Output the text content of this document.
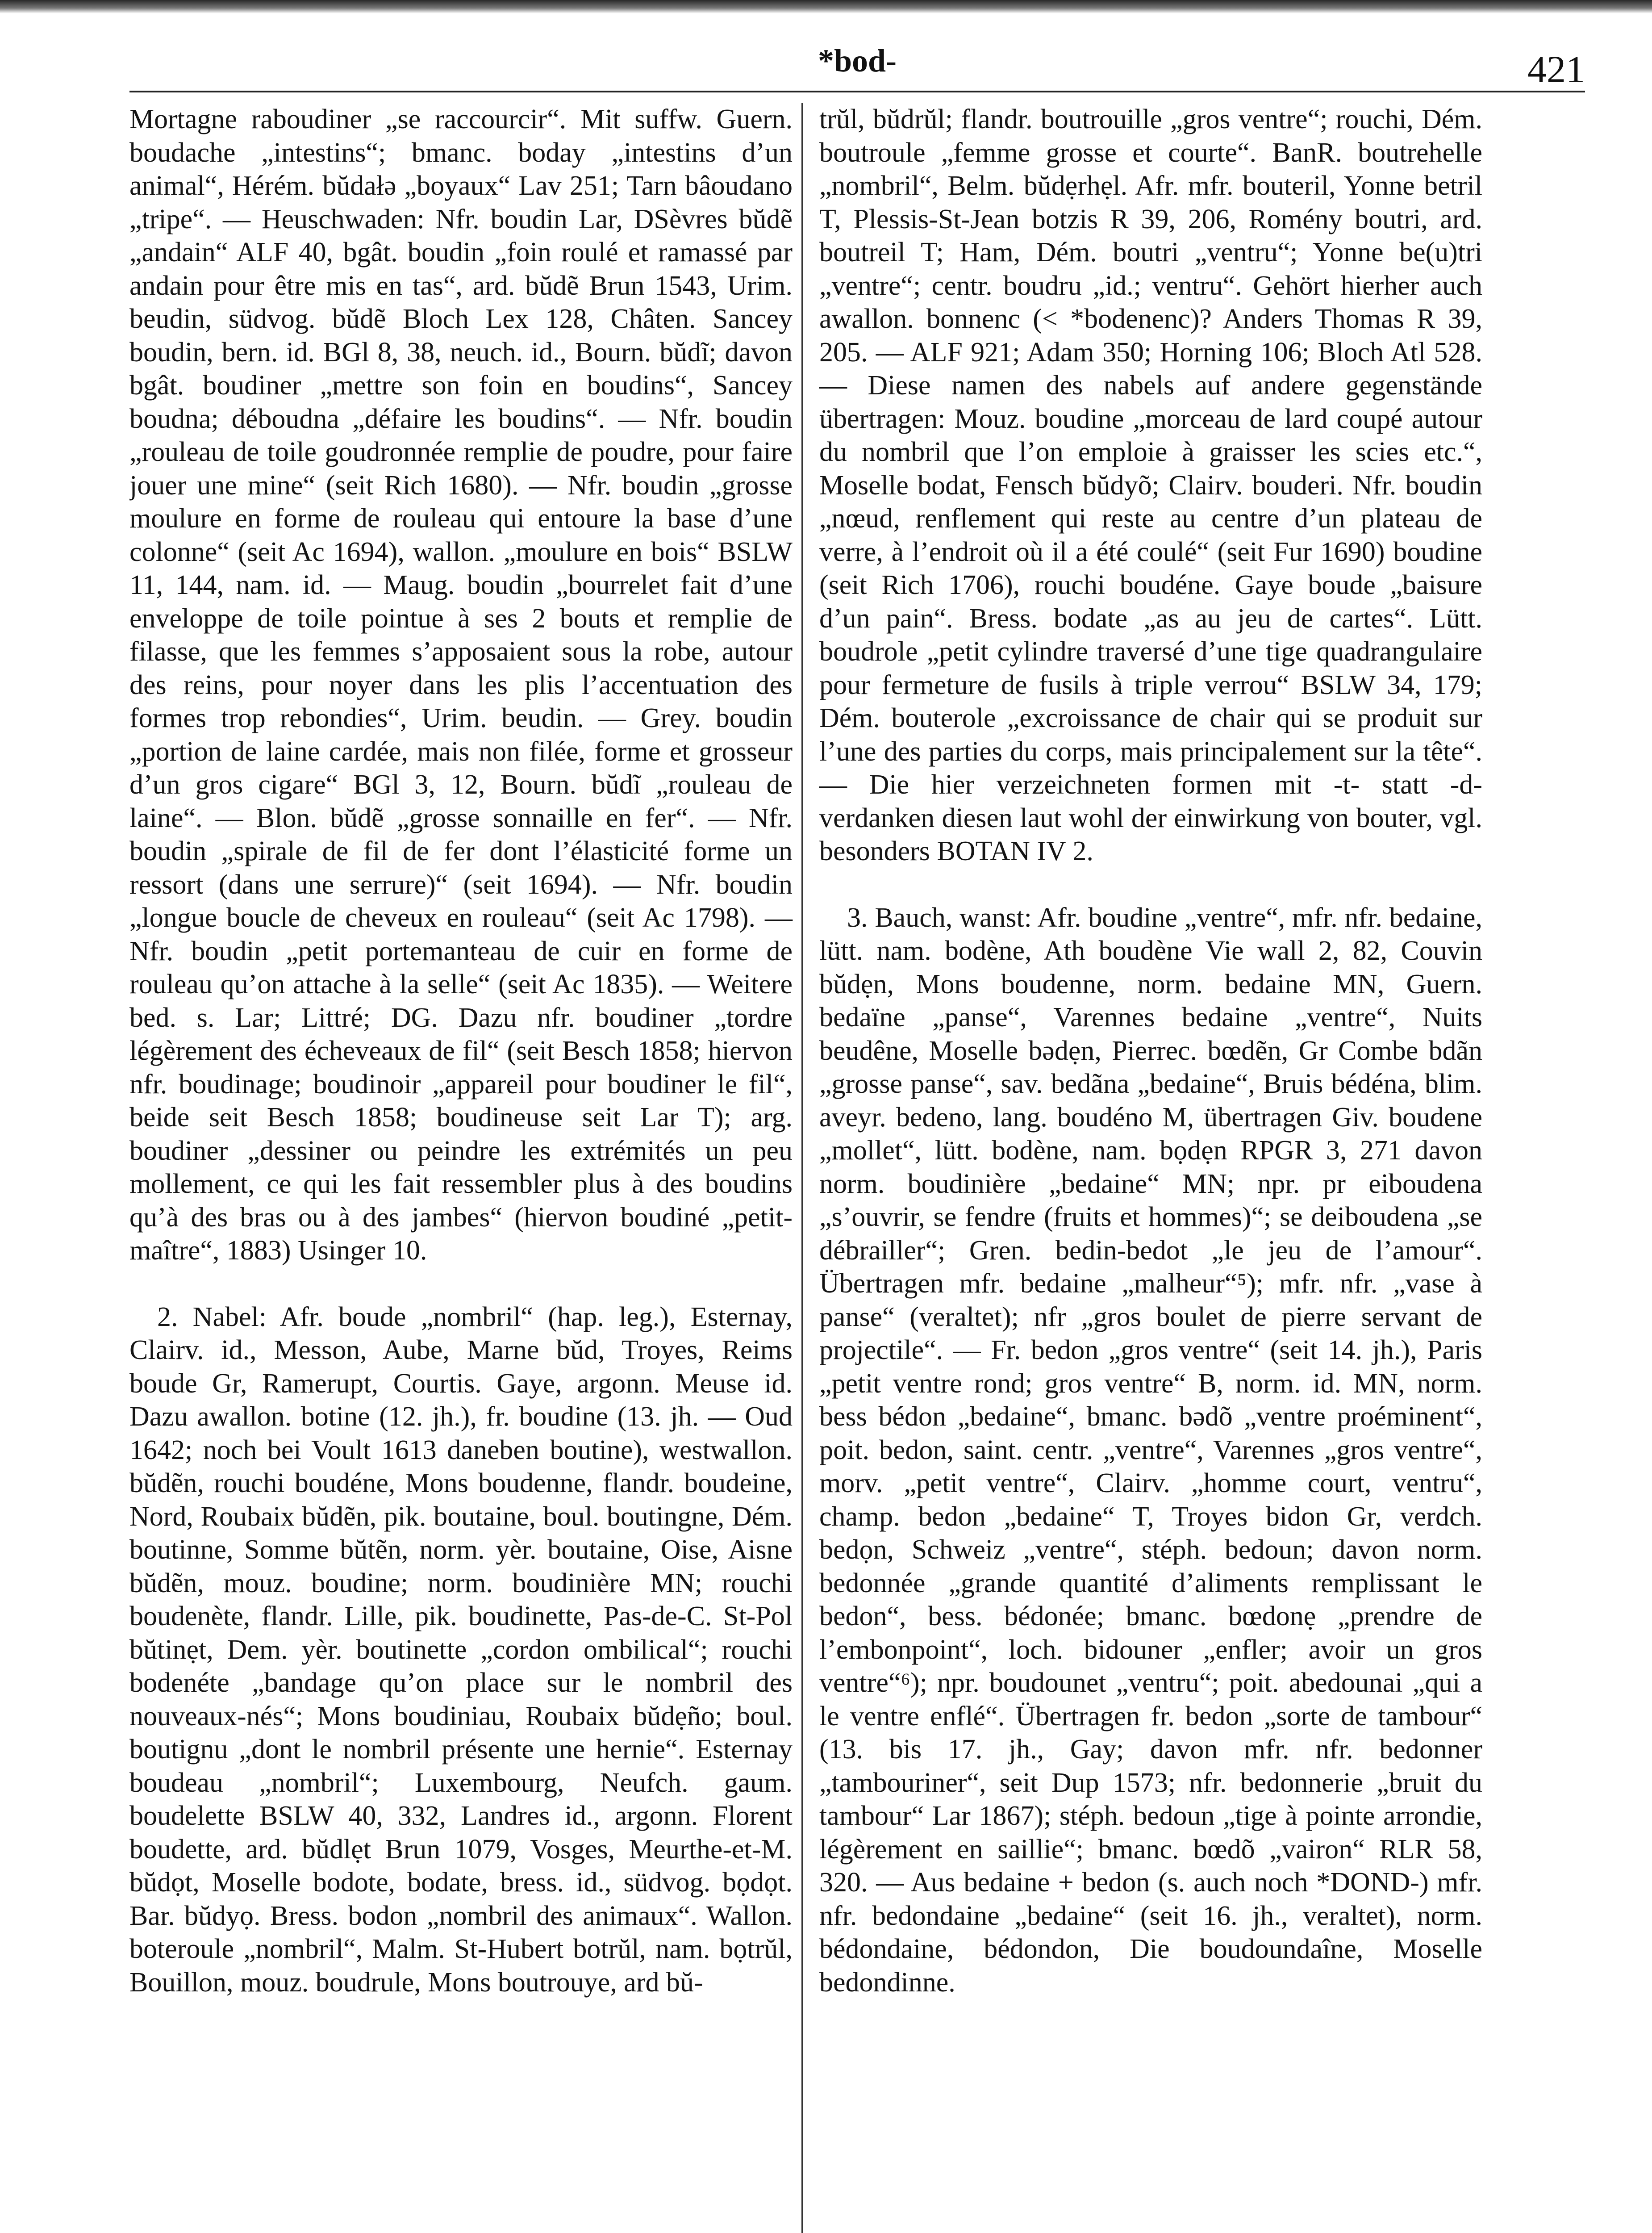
*bod-	421

Mortagne raboudiner „se raccourcir“. Mit suffw. Guern. boudache „intestins“; bmanc. boday „intestins d’un animal“, Hérém. bŭdałə „boyaux“ Lav 251; Tarn bâoudano „tripe“. — Heuschwaden: Nfr. boudin Lar, DSèvres bŭdẽ „andain“ ALF 40, bgât. boudin „foin roulé et ramassé par andain pour être mis en tas“, ard. bŭdẽ Brun 1543, Urim. beudin, südvog. bŭdẽ Bloch Lex 128, Châten. Sancey boudin, bern. id. BGl 8, 38, neuch. id., Bourn. bŭdĩ; davon bgât. boudiner „mettre son foin en boudins“, Sancey boudna; déboudna „défaire les boudins“. — Nfr. boudin „rouleau de toile goudronnée remplie de poudre, pour faire jouer une mine“ (seit Rich 1680). — Nfr. boudin „grosse moulure en forme de rouleau qui entoure la base d’une colonne“ (seit Ac 1694), wallon. „moulure en bois“ BSLW 11, 144, nam. id. — Maug. boudin „bourrelet fait d’une enveloppe de toile pointue à ses 2 bouts et remplie de filasse, que les femmes s’apposaient sous la robe, autour des reins, pour noyer dans les plis l’accentuation des formes trop rebondies“, Urim. beudin. — Grey. boudin „portion de laine cardée, mais non filée, forme et grosseur d’un gros cigare“ BGl 3, 12, Bourn. bŭdĩ „rouleau de laine“. — Blon. bŭdẽ „grosse sonnaille en fer“. — Nfr. boudin „spirale de fil de fer dont l’élasticité forme un ressort (dans une serrure)“ (seit 1694). — Nfr. boudin „longue boucle de cheveux en rouleau“ (seit Ac 1798). — Nfr. boudin „petit portemanteau de cuir en forme de rouleau qu’on attache à la selle“ (seit Ac 1835). — Weitere bed. s. Lar; Littré; DG. Dazu nfr. boudiner „tordre légèrement des écheveaux de fil“ (seit Besch 1858; hiervon nfr. boudinage; boudinoir „appareil pour boudiner le fil“, beide seit Besch 1858; boudineuse seit Lar T); arg. boudiner „dessiner ou peindre les extrémités un peu mollement, ce qui les fait ressembler plus à des boudins qu’à des bras ou à des jambes“ (hiervon boudiné „petit-maître“, 1883) Usinger 10.

2. Nabel: Afr. boude „nombril“ (hap. leg.), Esternay, Clairv. id., Messon, Aube, Marne bŭd, Troyes, Reims boude Gr, Ramerupt, Courtis. Gaye, argonn. Meuse id. Dazu awallon. botine (12. jh.), fr. boudine (13. jh. — Oud 1642; noch bei Voult 1613 daneben boutine), westwallon. bŭdẽn, rouchi boudéne, Mons boudenne, flandr. boudeine, Nord, Roubaix bŭdẽn, pik. boutaine, boul. boutingne, Dém. boutinne, Somme bŭtẽn, norm. yèr. boutaine, Oise, Aisne bŭdẽn, mouz. boudine; norm. boudinière MN; rouchi boudenète, flandr. Lille, pik. boudinette, Pas-de-C. St-Pol bŭtinẹt, Dem. yèr. boutinette „cordon ombilical“; rouchi bodenéte „bandage qu’on place sur le nombril des nouveaux-nés“; Mons boudiniau, Roubaix bŭdẹño; boul. boutignu „dont le nombril présente une hernie“. Esternay boudeau „nombril“; Luxembourg, Neufch. gaum. boudelette BSLW 40, 332, Landres id., argonn. Florent boudette, ard. bŭdlẹt Brun 1079, Vosges, Meurthe-et-M. bŭdọt, Moselle bodote, bodate, bress. id., südvog. bọdọt. Bar. bŭdyọ. Bress. bodon „nombril des animaux“. Wallon. boteroule „nombril“, Malm. St-Hubert botrŭl, nam. bọtrŭl, Bouillon, mouz. boudrule, Mons boutrouye, ard bŭ-

trŭl, bŭdrŭl; flandr. boutrouille „gros ventre“; rouchi, Dém. boutroule „femme grosse et courte“. BanR. boutrehelle „nombril“, Belm. bŭdẹrhẹl. Afr. mfr. bouteril, Yonne betril T, Plessis-St-Jean botzis R 39, 206, Romény boutri, ard. boutreil T; Ham, Dém. boutri „ventru“; Yonne be(u)tri „ventre“; centr. boudru „id.; ventru“. Gehört hierher auch awallon. bonnenc (< *bodenenc)? Anders Thomas R 39, 205. — ALF 921; Adam 350; Horning 106; Bloch Atl 528. — Diese namen des nabels auf andere gegenstände übertragen: Mouz. boudine „morceau de lard coupé autour du nombril que l’on emploie à graisser les scies etc.“, Moselle bodat, Fensch bŭdyõ; Clairv. bouderi. Nfr. boudin „nœud, renflement qui reste au centre d’un plateau de verre, à l’endroit où il a été coulé“ (seit Fur 1690) boudine (seit Rich 1706), rouchi boudéne. Gaye boude „baisure d’un pain“. Bress. bodate „as au jeu de cartes“. Lütt. boudrole „petit cylindre traversé d’une tige quadrangulaire pour fermeture de fusils à triple verrou“ BSLW 34, 179; Dém. bouterole „excroissance de chair qui se produit sur l’une des parties du corps, mais principalement sur la tête“. — Die hier verzeichneten formen mit -t- statt -d- verdanken diesen laut wohl der einwirkung von bouter, vgl. besonders BOTAN IV 2.

3. Bauch, wanst: Afr. boudine „ventre“, mfr. nfr. bedaine, lütt. nam. bodène, Ath boudène Vie wall 2, 82, Couvin bŭdẹn, Mons boudenne, norm. bedaine MN, Guern. bedaïne „panse“, Varennes bedaine „ventre“, Nuits beudêne, Moselle bədẹn, Pierrec. bœdẽn, Gr Combe bdãn „grosse panse“, sav. bedãna „bedaine“, Bruis bédéna, blim. aveyr. bedeno, lang. boudéno M, übertragen Giv. boudene „mollet“, lütt. bodène, nam. bọdẹn RPGR 3, 271 davon norm. boudinière „bedaine“ MN; npr. pr eiboudena „s’ouvrir, se fendre (fruits et hommes)“; se deiboudena „se débrailler“; Gren. bedin-bedot „le jeu de l’amour“. Übertragen mfr. bedaine „malheur“⁵); mfr. nfr. „vase à panse“ (veraltet); nfr „gros boulet de pierre servant de projectile“. — Fr. bedon „gros ventre“ (seit 14. jh.), Paris „petit ventre rond; gros ventre“ B, norm. id. MN, norm. bess bédon „bedaine“, bmanc. bədõ „ventre proéminent“, poit. bedon, saint. centr. „ventre“, Varennes „gros ventre“, morv. „petit ventre“, Clairv. „homme court, ventru“, champ. bedon „bedaine“ T, Troyes bidon Gr, verdch. bedọn, Schweiz „ventre“, stéph. bedoun; davon norm. bedonnée „grande quantité d’aliments remplissant le bedon“, bess. bédonée; bmanc. bœdonẹ „prendre de l’embonpoint“, loch. bidouner „enfler; avoir un gros ventre“⁶); npr. boudounet „ventru“; poit. abedounai „qui a le ventre enflé“. Übertragen fr. bedon „sorte de tambour“ (13. bis 17. jh., Gay; davon mfr. nfr. bedonner „tambouriner“, seit Dup 1573; nfr. bedonnerie „bruit du tambour“ Lar 1867); stéph. bedoun „tige à pointe arrondie, légèrement en saillie“; bmanc. bœdõ „vairon“ RLR 58, 320. — Aus bedaine + bedon (s. auch noch *DOND-) mfr. nfr. bedondaine „bedaine“ (seit 16. jh., veraltet), norm. bédondaine, bédondon, Die boudoundaîne, Moselle bedondinne.
